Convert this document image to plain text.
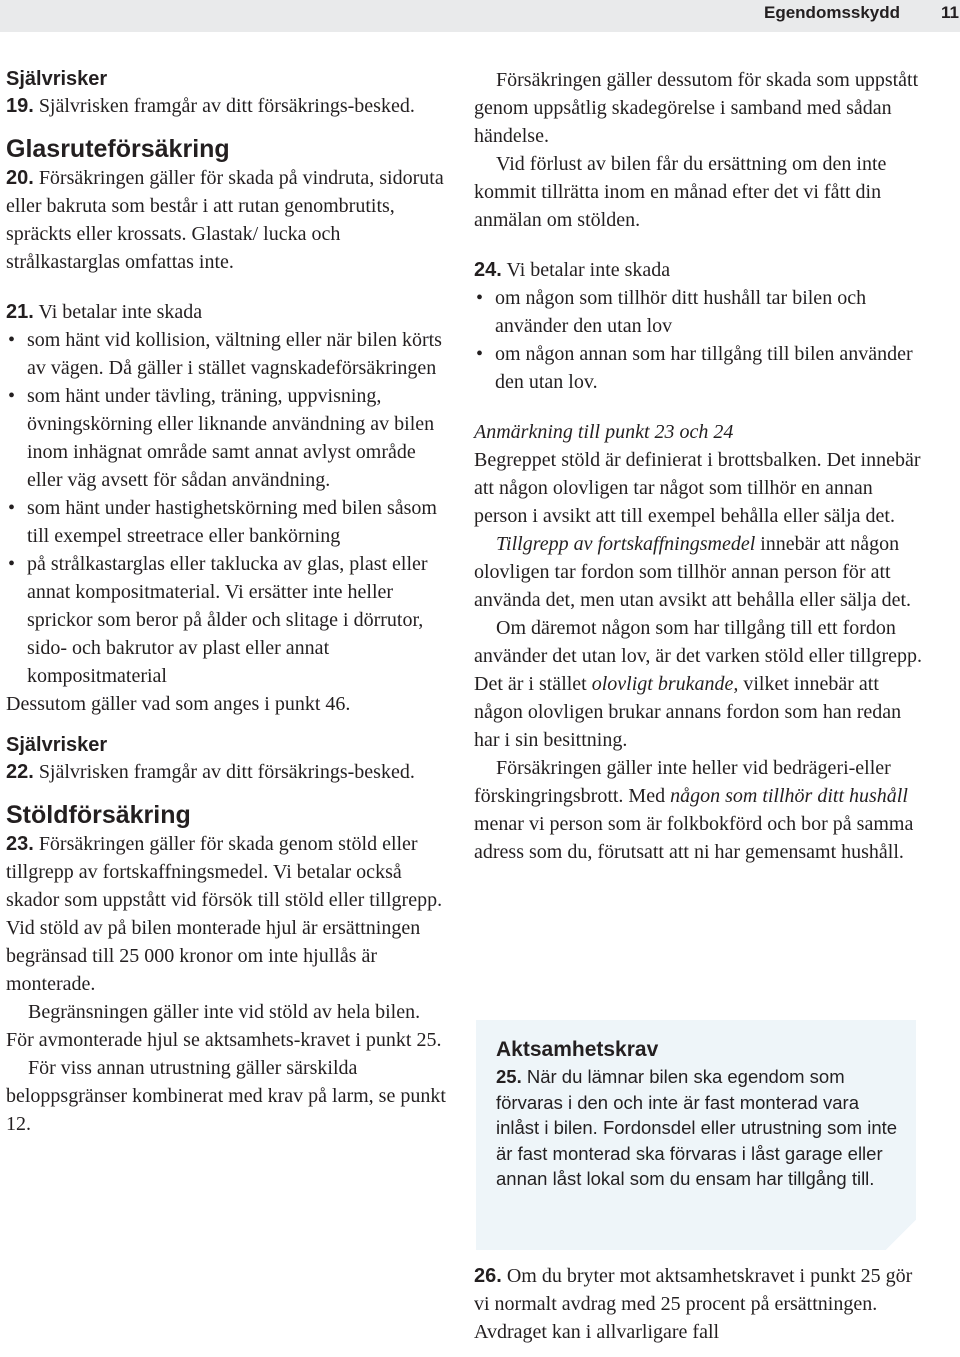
Egendomsskydd 11
Självrisker

19. Självrisken framgår av ditt försäkrings-besked.

Glasruteförsäkring

20. Försäkringen gäller för skada på vindruta, sidoruta eller bakruta som består i att rutan genombrutits, spräckts eller krossats. Glastak/ lucka och strålkastarglas omfattas inte.

21. Vi betalar inte skada

• som hänt vid kollision, vältning eller när bilen körts av vägen. Då gäller i stället vagnskadeförsäkringen
• som hänt under tävling, träning, uppvisning, övningskörning eller liknande användning av bilen inom inhägnat område samt annat avlyst område eller väg avsett för sådan användning.
• som hänt under hastighetskörning med bilen såsom till exempel streetrace eller bankörning
• på strålkastarglas eller taklucka av glas, plast eller annat kompositmaterial. Vi ersätter inte heller sprickor som beror på ålder och slitage i dörrutor, sido- och bakrutor av plast eller annat kompositmaterial

Dessutom gäller vad som anges i punkt 46.

Självrisker

22. Självrisken framgår av ditt försäkrings-besked.

Stöldförsäkring

23. Försäkringen gäller för skada genom stöld eller tillgrepp av fortskaffningsmedel. Vi betalar också skador som uppstått vid försök till stöld eller tillgrepp. Vid stöld av på bilen monterade hjul är ersättningen begränsad till 25 000 kronor om inte hjullås är monterade.

Begränsningen gäller inte vid stöld av hela bilen. För avmonterade hjul se aktsamhets-kravet i punkt 25.

För viss annan utrustning gäller särskilda beloppsgränser kombinerat med krav på larm, se punkt 12.

Försäkringen gäller dessutom för skada som uppstått genom uppsåtlig skadegörelse i samband med sådan händelse.

Vid förlust av bilen får du ersättning om den inte kommit tillrätta inom en månad efter det vi fått din anmälan om stölden.

24. Vi betalar inte skada

• om någon som tillhör ditt hushåll tar bilen och använder den utan lov
• om någon annan som har tillgång till bilen använder den utan lov.

Anmärkning till punkt 23 och 24

Begreppet stöld är definierat i brottsbalken. Det innebär att någon olovligen tar något som tillhör en annan person i avsikt att till exempel behålla eller sälja det.

Tillgrepp av fortskaffningsmedel innebär att någon olovligen tar fordon som tillhör annan person för att använda det, men utan avsikt att behålla eller sälja det.

Om däremot någon som har tillgång till ett fordon använder det utan lov, är det varken stöld eller tillgrepp. Det är i stället olovligt brukande, vilket innebär att någon olovligen brukar annans fordon som han redan har i sin besittning.

Försäkringen gäller inte heller vid bedrägeri-eller förskingringsbrott. Med någon som tillhör ditt hushåll menar vi person som är folkbokförd och bor på samma adress som du, förutsatt att ni har gemensamt hushåll.

Aktsamhetskrav

25. När du lämnar bilen ska egendom som förvaras i den och inte är fast monterad vara inlåst i bilen. Fordonsdel eller utrustning som inte är fast monterad ska förvaras i låst garage eller annan låst lokal som du ensam har tillgång till.

26. Om du bryter mot aktsamhetskravet i punkt 25 gör vi normalt avdrag med 25 procent på ersättningen. Avdraget kan i allvarligare fall
